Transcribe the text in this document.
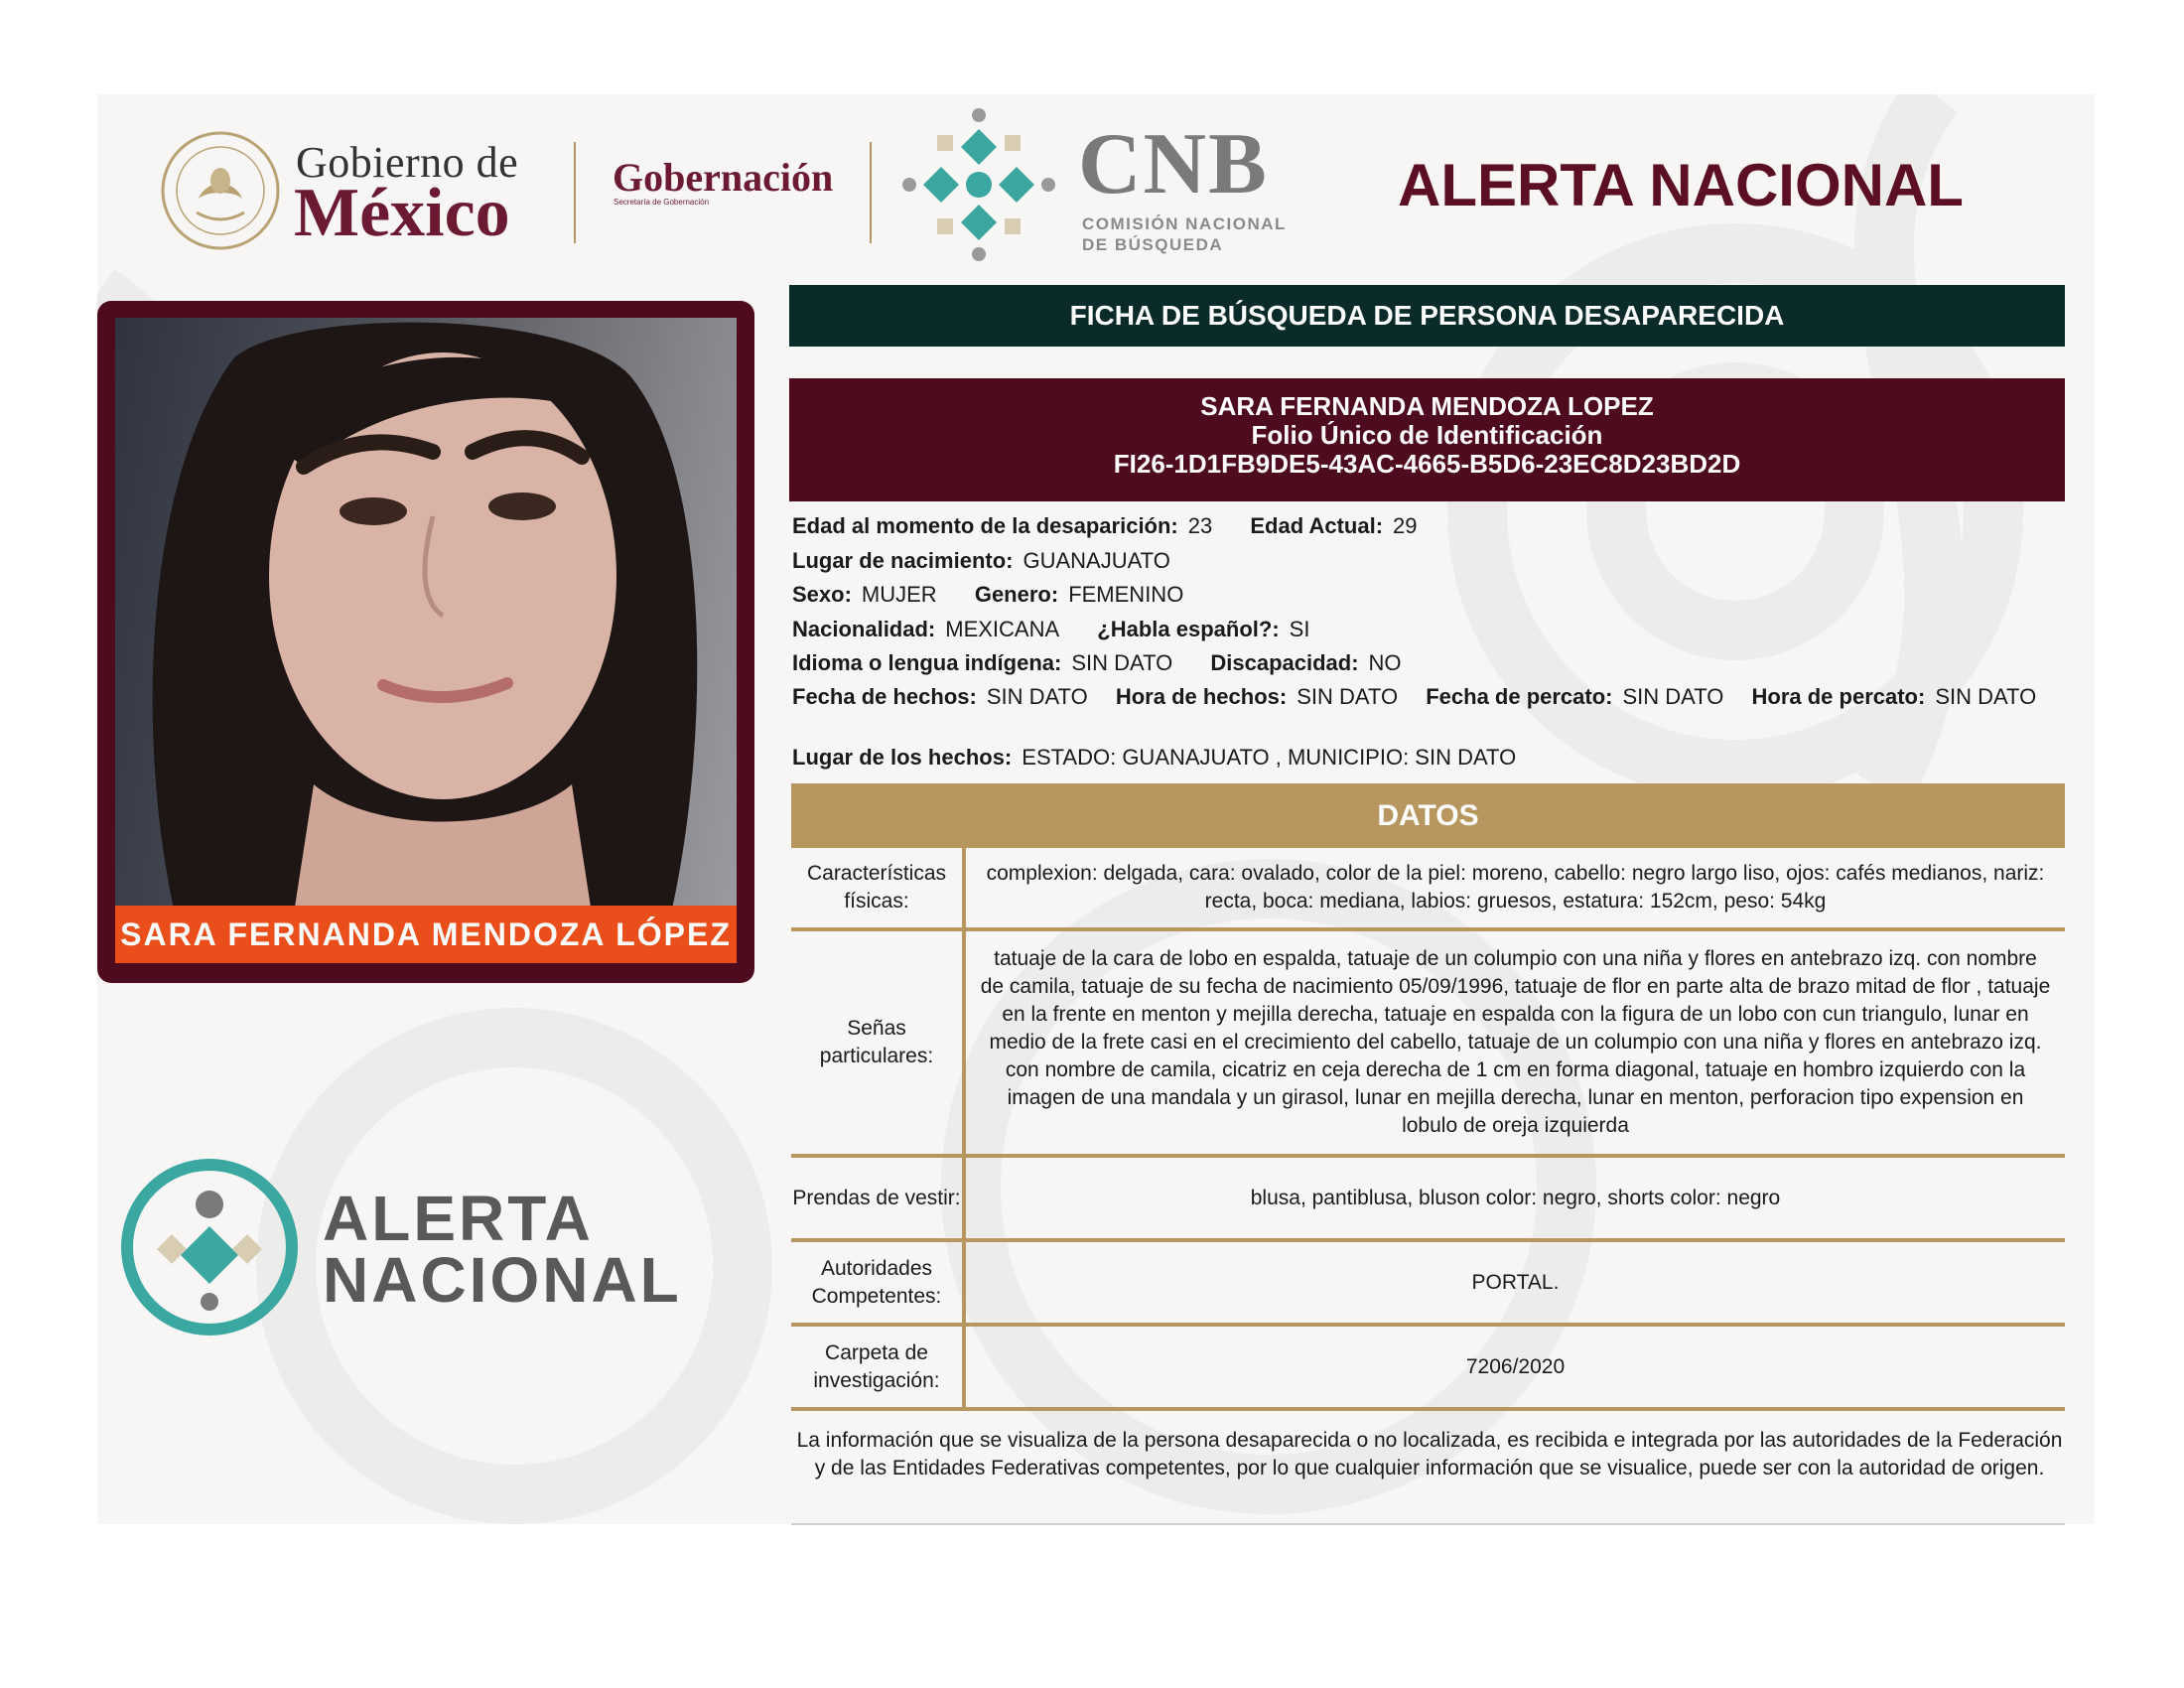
Gobierno de
México	Gobernación
Secretaría de Gobernación	CNB
COMISIÓN NACIONAL
DE BÚSQUEDA
ALERTA NACIONAL
SARA FERNANDA MENDOZA LÓPEZ
ALERTA
NACIONAL
FICHA DE BÚSQUEDA DE PERSONA DESAPARECIDA
SARA FERNANDA MENDOZA LOPEZ
Folio Único de Identificación
FI26-1D1FB9DE5-43AC-4665-B5D6-23EC8D23BD2D
Edad al momento de la desaparición: 23 Edad Actual: 29
Lugar de nacimiento: GUANAJUATO
Sexo: MUJER Genero: FEMENINO
Nacionalidad: MEXICANA ¿Habla español?: SI
Idioma o lengua indígena: SIN DATO Discapacidad: NO
Fecha de hechos: SIN DATO Hora de hechos: SIN DATO Fecha de percato: SIN DATO Hora de percato: SIN DATO
Lugar de los hechos: ESTADO: GUANAJUATO , MUNICIPIO: SIN DATO
DATOS
Características físicas:
complexion: delgada, cara: ovalado, color de la piel: moreno, cabello: negro largo liso, ojos: cafés medianos, nariz: recta, boca: mediana, labios: gruesos, estatura: 152cm, peso: 54kg
Señas particulares:
tatuaje de la cara de lobo en espalda, tatuaje de un columpio con una niña y flores en antebrazo izq. con nombre de camila, tatuaje de su fecha de nacimiento 05/09/1996, tatuaje de flor en parte alta de brazo mitad de flor , tatuaje en la frente en menton y mejilla derecha, tatuaje en espalda con la figura de un lobo con cun triangulo, lunar en medio de la frete casi en el crecimiento del cabello, tatuaje de un columpio con una niña y flores en antebrazo izq. con nombre de camila, cicatriz en ceja derecha de 1 cm en forma diagonal, tatuaje en hombro izquierdo con la imagen de una mandala y un girasol, lunar en mejilla derecha, lunar en menton, perforacion tipo expension en lobulo de oreja izquierda
Prendas de vestir:	blusa, pantiblusa, bluson color: negro, shorts color: negro
Autoridades Competentes:
PORTAL.
Carpeta de investigación:
7206/2020
La información que se visualiza de la persona desaparecida o no localizada, es recibida e integrada por las autoridades de la Federación y de las Entidades Federativas competentes, por lo que cualquier información que se visualice, puede ser con la autoridad de origen.
